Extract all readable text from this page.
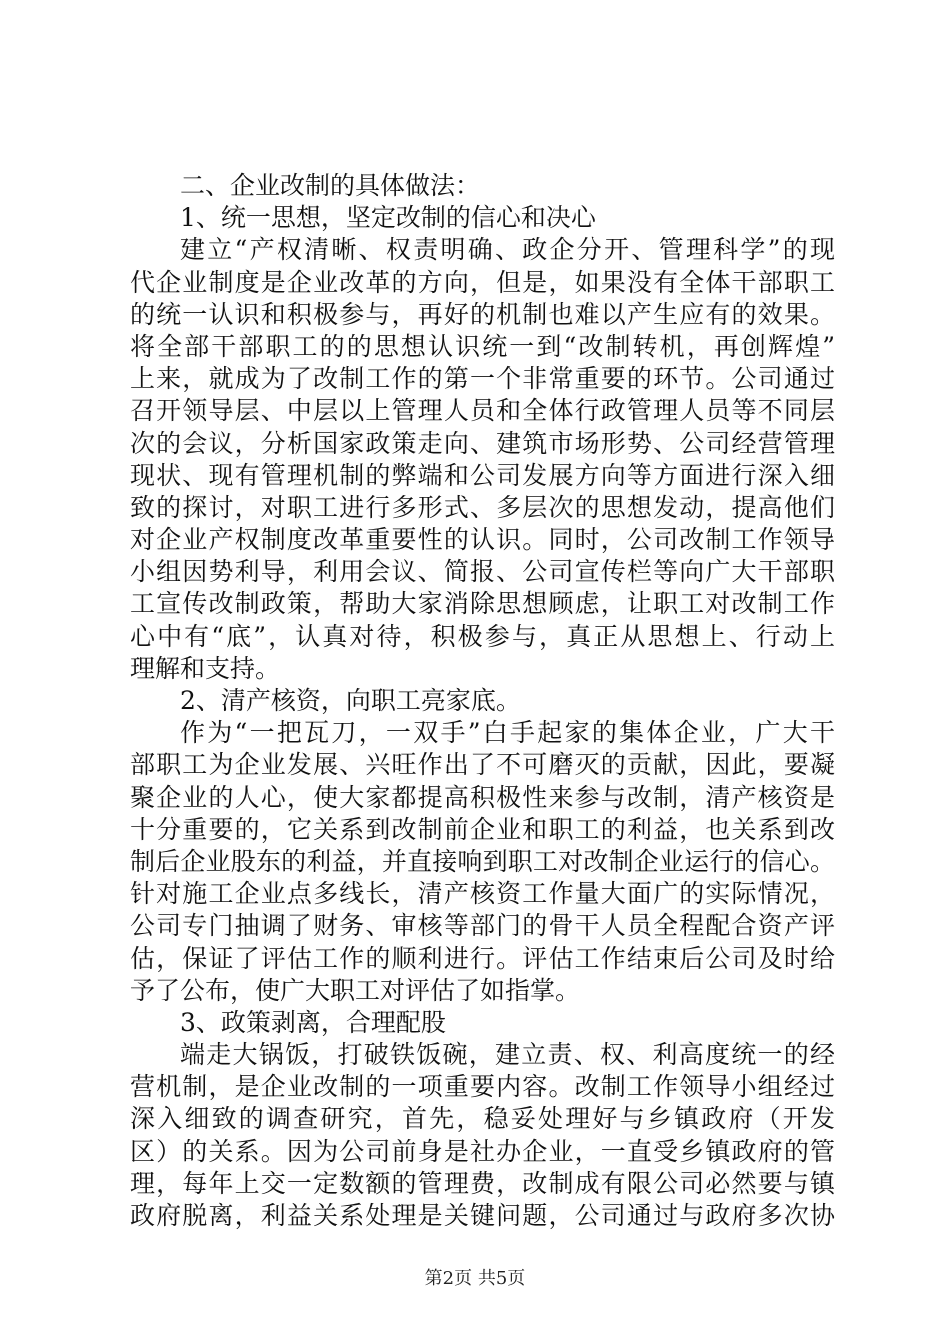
二、企业改制的具体做法：
1、统一思想，坚定改制的信心和决心
建立“产权清晰、权责明确、政企分开、管理科学”的现
代企业制度是企业改革的方向，但是，如果没有全体干部职工
的统一认识和积极参与，再好的机制也难以产生应有的效果。
将全部干部职工的的思想认识统一到“改制转机，再创辉煌”
上来，就成为了改制工作的第一个非常重要的环节。公司通过
召开领导层、中层以上管理人员和全体行政管理人员等不同层
次的会议，分析国家政策走向、建筑市场形势、公司经营管理
现状、现有管理机制的弊端和公司发展方向等方面进行深入细
致的探讨，对职工进行多形式、多层次的思想发动，提高他们
对企业产权制度改革重要性的认识。同时，公司改制工作领导
小组因势利导，利用会议、简报、公司宣传栏等向广大干部职
工宣传改制政策，帮助大家消除思想顾虑，让职工对改制工作
心中有“底”，认真对待，积极参与，真正从思想上、行动上
理解和支持。
2、清产核资，向职工亮家底。
作为“一把瓦刀，一双手”白手起家的集体企业，广大干
部职工为企业发展、兴旺作出了不可磨灭的贡献，因此，要凝
聚企业的人心，使大家都提高积极性来参与改制，清产核资是
十分重要的，它关系到改制前企业和职工的利益，也关系到改
制后企业股东的利益，并直接响到职工对改制企业运行的信心。
针对施工企业点多线长，清产核资工作量大面广的实际情况，
公司专门抽调了财务、审核等部门的骨干人员全程配合资产评
估，保证了评估工作的顺利进行。评估工作结束后公司及时给
予了公布，使广大职工对评估了如指掌。
3、政策剥离，合理配股
端走大锅饭，打破铁饭碗，建立责、权、利高度统一的经
营机制，是企业改制的一项重要内容。改制工作领导小组经过
深入细致的调查研究，首先，稳妥处理好与乡镇政府（开发
区）的关系。因为公司前身是社办企业，一直受乡镇政府的管
理，每年上交一定数额的管理费，改制成有限公司必然要与镇
政府脱离，利益关系处理是关键问题，公司通过与政府多次协
第2页 共5页
